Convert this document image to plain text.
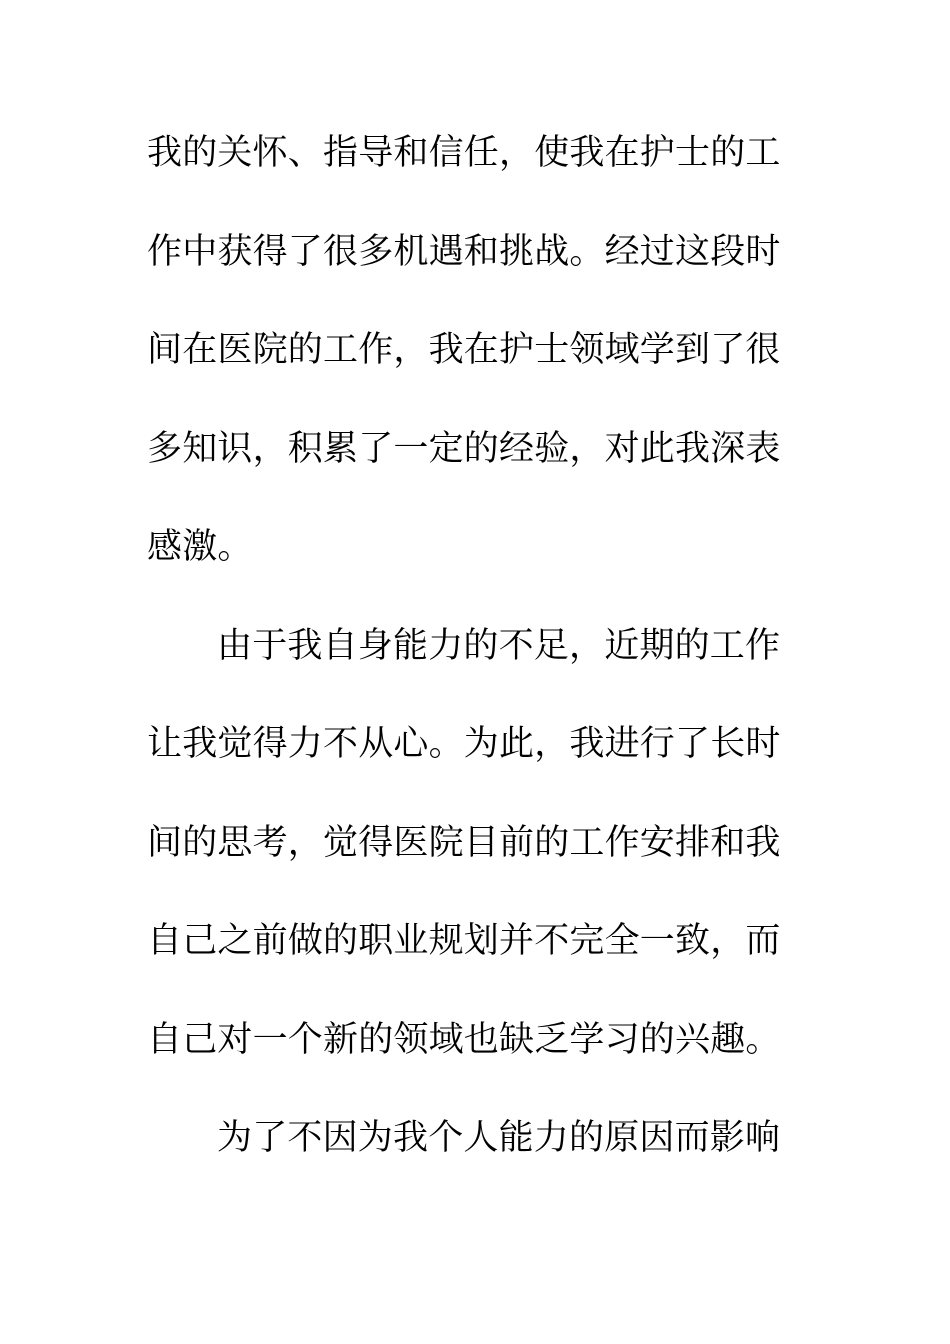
我的关怀、指导和信任，使我在护士的工
作中获得了很多机遇和挑战。经过这段时
间在医院的工作，我在护士领域学到了很
多知识，积累了一定的经验，对此我深表
感激。
由于我自身能力的不足，近期的工作
让我觉得力不从心。为此，我进行了长时
间的思考，觉得医院目前的工作安排和我
自己之前做的职业规划并不完全一致，而
自己对一个新的领域也缺乏学习的兴趣。
为了不因为我个人能力的原因而影响
